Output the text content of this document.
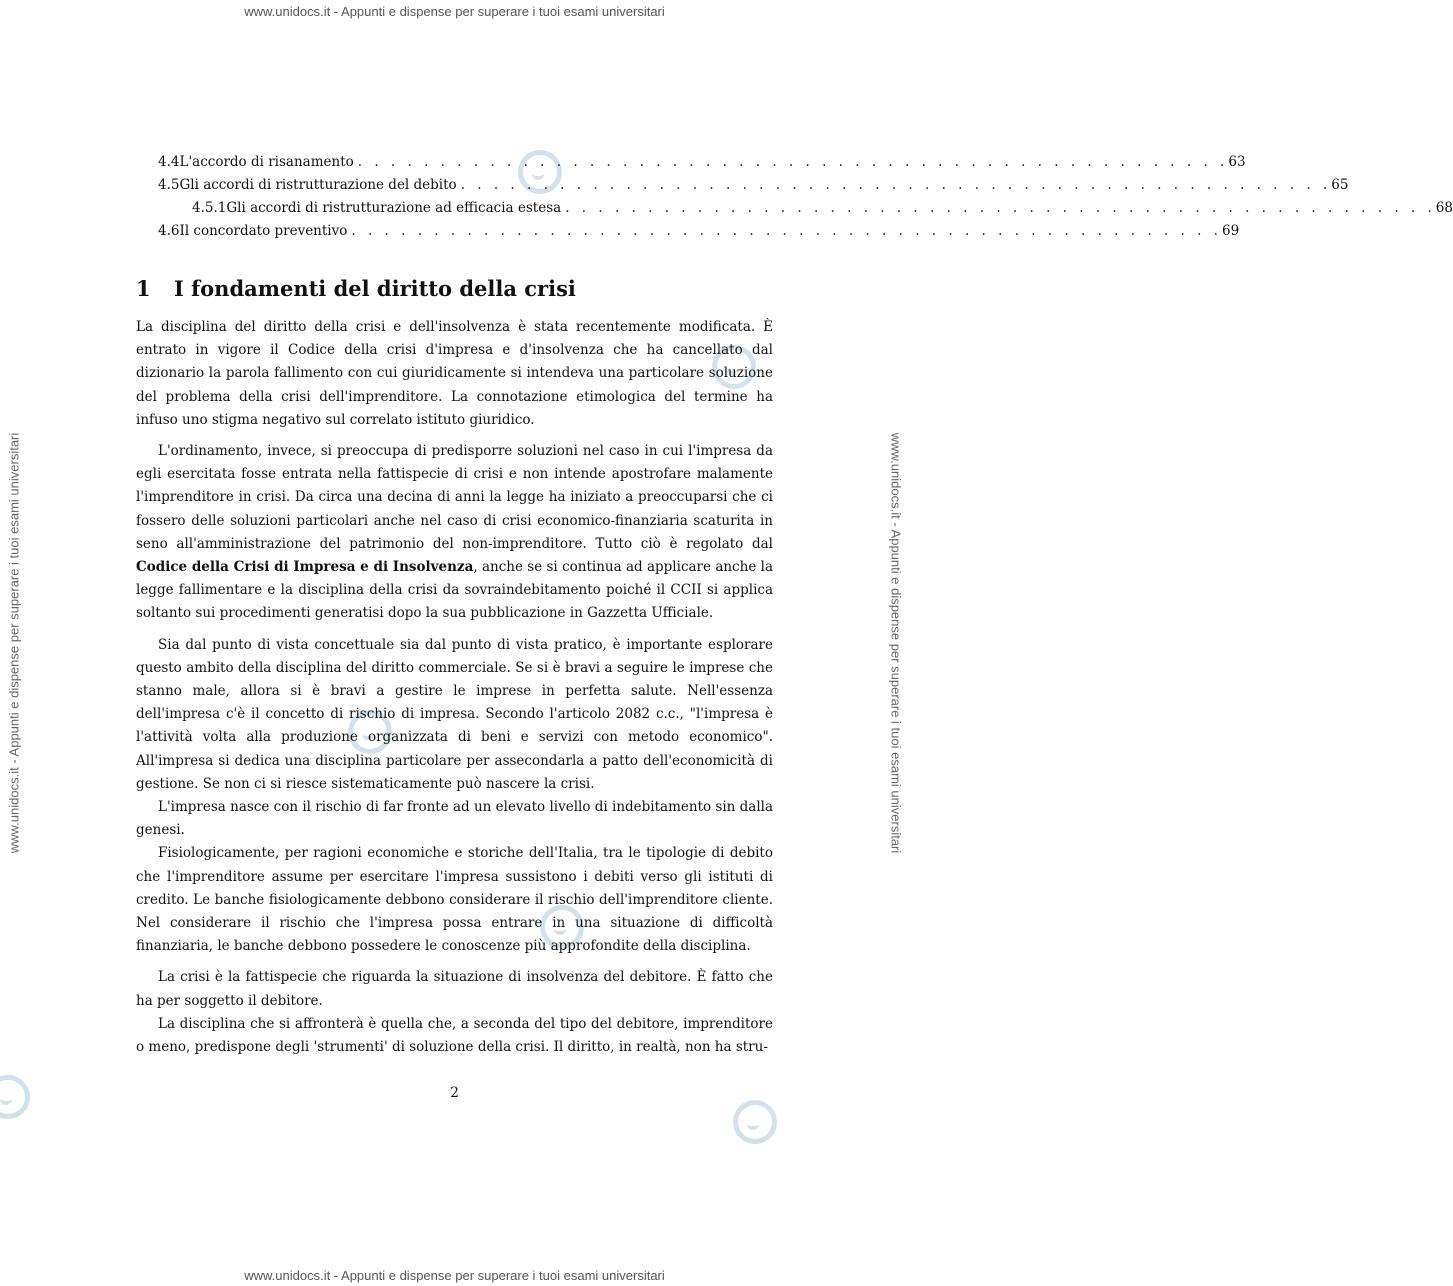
www.unidocs.it - Appunti e dispense per superare i tuoi esami universitari
www.unidocs.it - Appunti e dispense per superare i tuoi esami universitari
www.unidocs.it - Appunti e dispense per superare i tuoi esami universitari	www.unidocs.it - Appunti e dispense per superare i tuoi esami universitari
4.4 L'accordo di risanamento . . . . . . . . . . . . . . . . . . . . . . . . . . . . . . . . . . . . . . . . . . . . . . . . . . . . . 63
4.5 Gli accordi di ristrutturazione del debito . . . . . . . . . . . . . . . . . . . . . . . . . . . . . . . . . . . . . . . . . . . . . . . . . . . . . 65
4.5.1 Gli accordi di ristrutturazione ad efficacia estesa . . . . . . . . . . . . . . . . . . . . . . . . . . . . . . . . . . . . . . . . . . . . . . . . . . . . . 68
4.6 Il concordato preventivo . . . . . . . . . . . . . . . . . . . . . . . . . . . . . . . . . . . . . . . . . . . . . . . . . . . . . 69
1	I fondamenti del diritto della crisi

La disciplina del diritto della crisi e dell'insolvenza è stata recentemente modificata. È entrato in vigore il Codice della crisi d'impresa e d'insolvenza che ha cancellato dal dizionario la parola fallimento con cui giuridicamente si intendeva una particolare soluzione del problema della crisi dell'imprenditore. La connotazione etimologica del termine ha infuso uno stigma negativo sul correlato istituto giuridico.

L'ordinamento, invece, si preoccupa di predisporre soluzioni nel caso in cui l'impresa da egli esercitata fosse entrata nella fattispecie di crisi e non intende apostrofare malamente l'imprenditore in crisi. Da circa una decina di anni la legge ha iniziato a preoccuparsi che ci fossero delle soluzioni particolari anche nel caso di crisi economico-finanziaria scaturita in seno all'amministrazione del patrimonio del non-imprenditore. Tutto ciò è regolato dal Codice della Crisi di Impresa e di Insolvenza, anche se si continua ad applicare anche la legge fallimentare e la disciplina della crisi da sovraindebitamento poiché il CCII si applica soltanto sui procedimenti generatisi dopo la sua pubblicazione in Gazzetta Ufficiale.

Sia dal punto di vista concettuale sia dal punto di vista pratico, è importante esplorare questo ambito della disciplina del diritto commerciale. Se si è bravi a seguire le imprese che stanno male, allora si è bravi a gestire le imprese in perfetta salute. Nell'essenza dell'impresa c'è il concetto di rischio di impresa. Secondo l'articolo 2082 c.c., "l'impresa è l'attività volta alla produzione organizzata di beni e servizi con metodo economico". All'impresa si dedica una disciplina particolare per assecondarla a patto dell'economicità di gestione. Se non ci si riesce sistematicamente può nascere la crisi.

L'impresa nasce con il rischio di far fronte ad un elevato livello di indebitamento sin dalla genesi.

Fisiologicamente, per ragioni economiche e storiche dell'Italia, tra le tipologie di debito che l'imprenditore assume per esercitare l'impresa sussistono i debiti verso gli istituti di credito. Le banche fisiologicamente debbono considerare il rischio dell'imprenditore cliente. Nel considerare il rischio che l'impresa possa entrare in una situazione di difficoltà finanziaria, le banche debbono possedere le conoscenze più approfondite della disciplina.

La crisi è la fattispecie che riguarda la situazione di insolvenza del debitore. È fatto che ha per soggetto il debitore.

La disciplina che si affronterà è quella che, a seconda del tipo del debitore, imprenditore o meno, predispone degli 'strumenti' di soluzione della crisi. Il diritto, in realtà, non ha stru-

2
